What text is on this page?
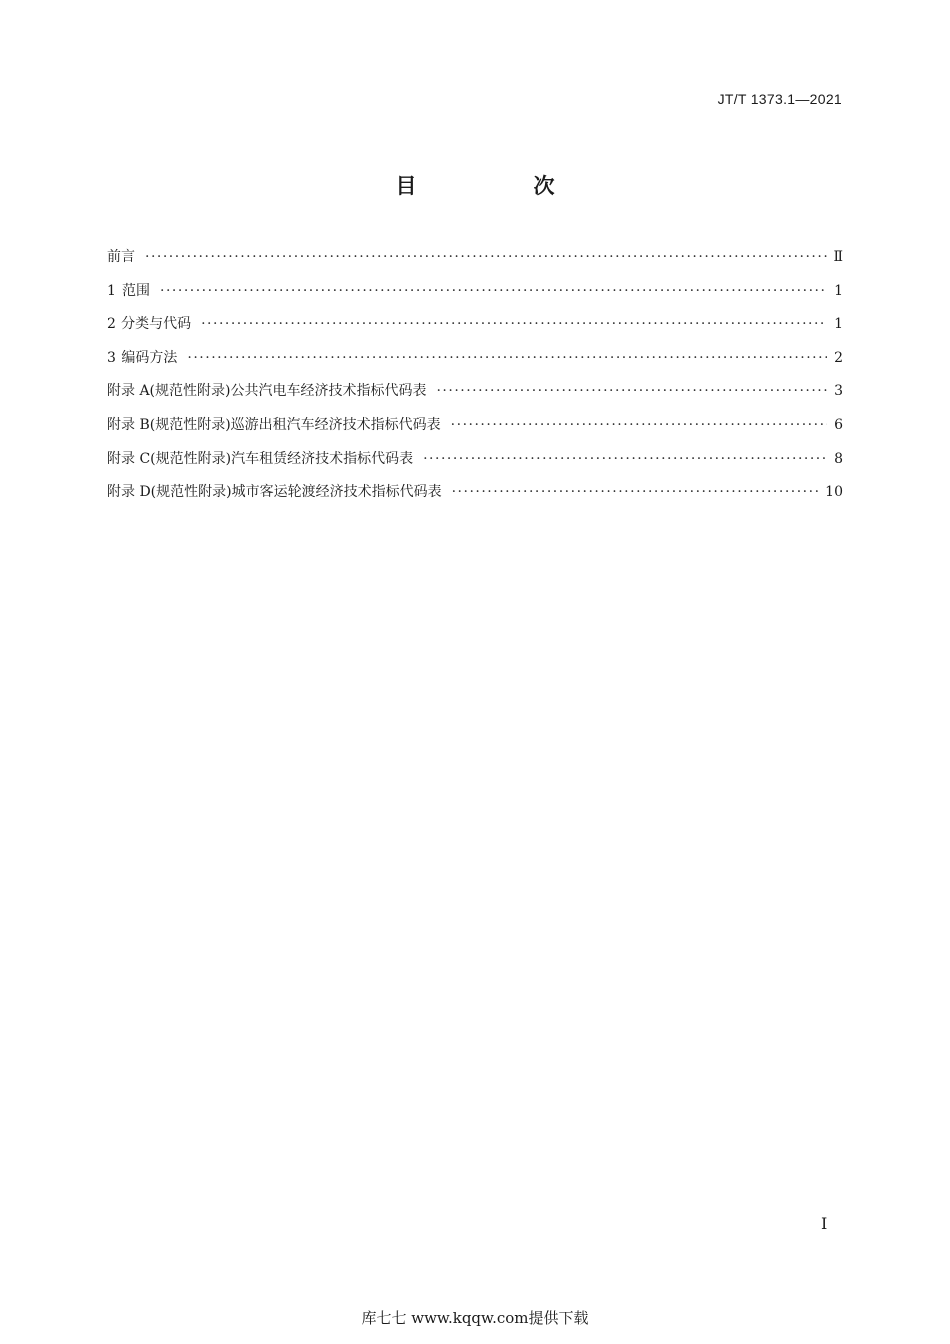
JT/T 1373.1—2021
目　次
前言 ·····	Ⅱ
1 范围 ·····	1
2 分类与代码 ·····	1
3 编码方法 ·····	2
附录 A(规范性附录) 公共汽电车经济技术指标代码表 ·····	3
附录 B(规范性附录) 巡游出租汽车经济技术指标代码表 ·····	6
附录 C(规范性附录) 汽车租赁经济技术指标代码表 ·····	8
附录 D(规范性附录) 城市客运轮渡经济技术指标代码表 ·····	10
Ⅰ
库七七 www.kqqw.com提供下载
